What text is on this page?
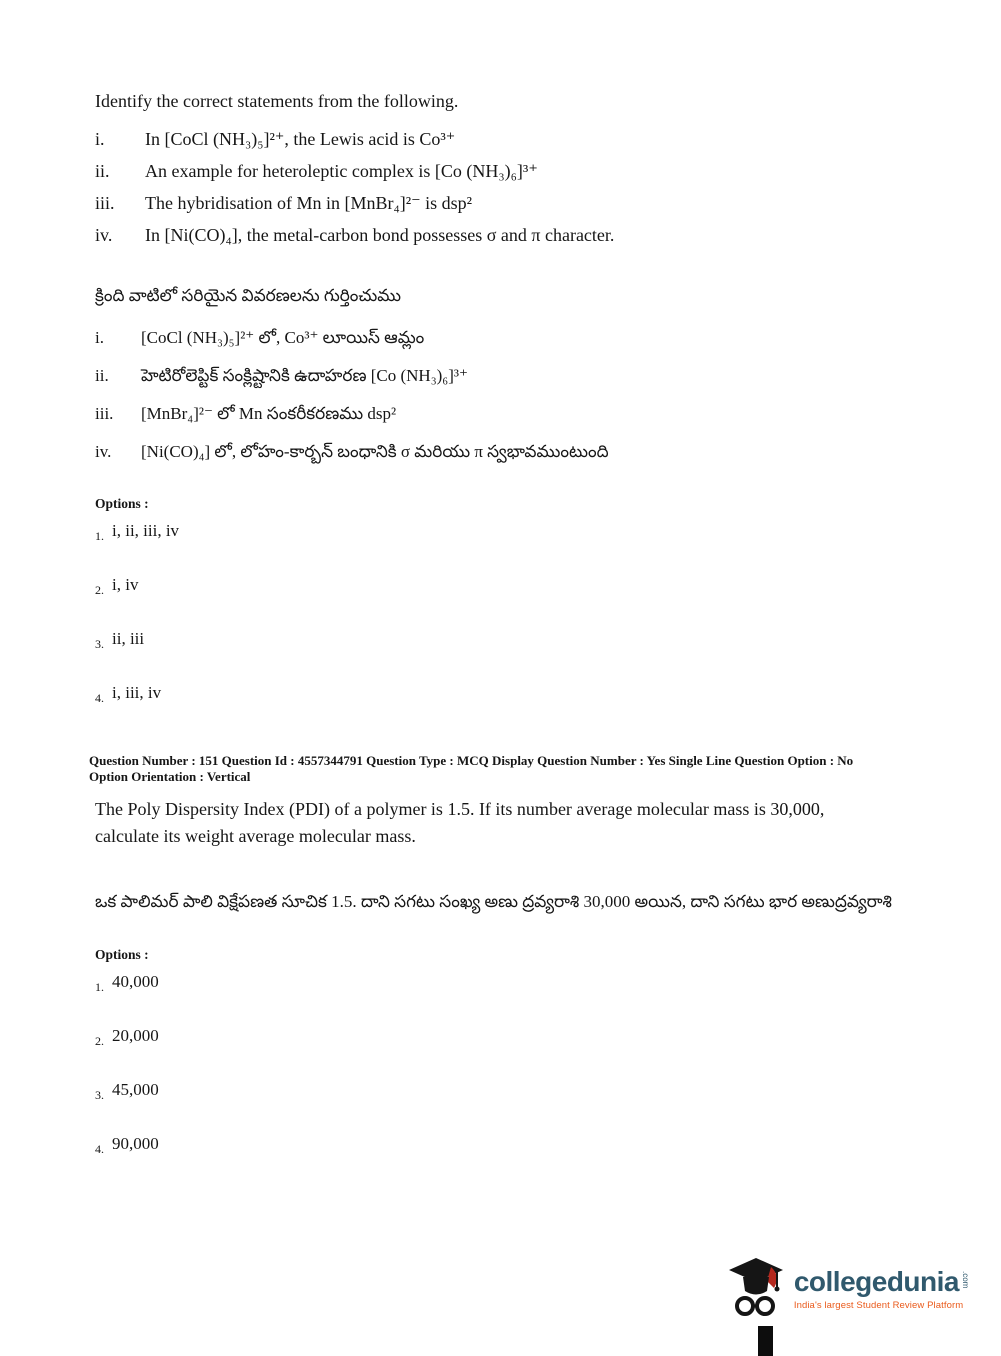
Identify the correct statements from the following.

i.	In [CoCl (NH₃)₅]²⁺, the Lewis acid is Co³⁺
ii.	An example for heteroleptic complex is [Co (NH₃)₆]³⁺
iii.	The hybridisation of Mn in [MnBr₄]²⁻ is dsp²
iv.	In [Ni(CO)₄], the metal-carbon bond possesses σ and π character.

క్రింది వాటిలో సరియైన వివరణలను గుర్తించుము

i.	[CoCl (NH₃)₅]²⁺ లో, Co³⁺ లూయిస్ ఆమ్లం
ii.	హెటిరోలెప్టిక్ సంక్లిష్టానికి ఉదాహరణ [Co (NH₃)₆]³⁺
iii.	[MnBr₄]²⁻ లో Mn సంకరీకరణము dsp²
iv.	[Ni(CO)₄] లో, లోహం-కార్బన్ బంధానికి σ మరియు π స్వభావముంటుంది
Options :
1. i, ii, iii, iv
2. i, iv
3. ii, iii
4. i, iii, iv
Question Number : 151 Question Id : 4557344791 Question Type : MCQ Display Question Number : Yes Single Line Question Option : No Option Orientation : Vertical

The Poly Dispersity Index (PDI) of a polymer is 1.5. If its number average molecular mass is 30,000, calculate its weight average molecular mass.

ఒక పాలిమర్ పాలి విక్షేపణత సూచిక 1.5. దాని సగటు సంఖ్య అణు ద్రవ్యరాశి 30,000 అయిన, దాని సగటు భార అణుద్రవ్యరాశి

Options :
1. 40,000
2. 20,000
3. 45,000
4. 90,000
collegedunia .com
India's largest Student Review Platform
